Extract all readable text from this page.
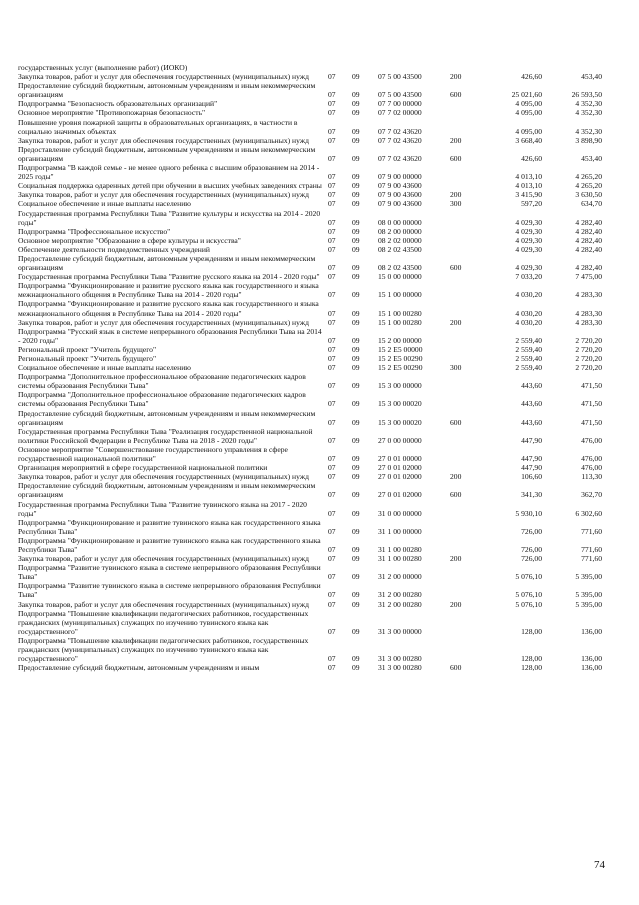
государственных услуг (выполнение работ) (ИОКО)
Закупка товаров, работ и услуг для обеспечения государственных (муниципальных) нужд	07	09	07 5 00 43500	200	426,60	453,40
Предоставление субсидий бюджетным, автономным учреждениям и иным некоммерческим организациям	07	09	07 5 00 43500	600	25 021,60	26 593,50
Подпрограмма "Безопасность образовательных организаций"	07	09	07 7 00 00000	4 095,00	4 352,30
Основное мероприятие "Противопожарная безопасность"	07	09	07 7 02 00000	4 095,00	4 352,30
Повышение уровня пожарной защиты в образовательных организациях, в частности в социально значимых объектах	07	09	07 7 02 43620	4 095,00	4 352,30
Закупка товаров, работ и услуг для обеспечения государственных (муниципальных) нужд	07	09	07 7 02 43620	200	3 668,40	3 898,90
Предоставление субсидий бюджетным, автономным учреждениям и иным некоммерческим организациям	07	09	07 7 02 43620	600	426,60	453,40
Подпрограмма "В каждой семье - не менее одного ребенка с высшим образованием на 2014 - 2025 годы"	07	09	07 9 00 00000	4 013,10	4 265,20
Социальная поддержка одаренных детей при обучении в высших учебных заведениях страны 07	09	07 9 00 43600	4 013,10	4 265,20
Закупка товаров, работ и услуг для обеспечения государственных (муниципальных) нужд	07	09	07 9 00 43600	200	3 415,90	3 630,50
Социальное обеспечение и иные выплаты населению	07	09	07 9 00 43600	300	597,20	634,70
Государственная программа Республики Тыва "Развитие культуры и искусства на 2014 - 2020 годы"	07	09	08 0 00 00000	4 029,30	4 282,40
Подпрограмма "Профессиональное искусство"	07	09	08 2 00 00000	4 029,30	4 282,40
Основное мероприятие "Образование в сфере культуры и искусства"	07	09	08 2 02 00000	4 029,30	4 282,40
Обеспечение деятельности подведомственных учреждений	07	09	08 2 02 43500	4 029,30	4 282,40
Предоставление субсидий бюджетным, автономным учреждениям и иным некоммерческим организациям	07	09	08 2 02 43500	600	4 029,30	4 282,40
Государственная программа Республики Тыва "Развитие русского языка на 2014 - 2020 годы"	07	09	15 0 00 00000	7 033,20	7 475,00
Подпрограмма "Функционирование и развитие русского языка как государственного и языка межнационального общения в Республике Тыва на 2014 - 2020 годы"	07	09	15 1 00 00000	4 030,20	4 283,30
Подпрограмма "Функционирование и развитие русского языка как государственного и языка межнационального общения в Республике Тыва на 2014 - 2020 годы"	07	09	15 1 00 00280	4 030,20	4 283,30
Закупка товаров, работ и услуг для обеспечения государственных (муниципальных) нужд	07	09	15 1 00 00280	200	4 030,20	4 283,30
Подпрограмма "Русский язык в системе непрерывного образования Республики Тыва на 2014 - 2020 годы"	07	09	15 2 00 00000	2 559,40	2 720,20
Региональный проект "Учитель будущего"	07	09	15 2 E5 00000	2 559,40	2 720,20
Региональный проект "Учитель будущего"	07	09	15 2 E5 00290	2 559,40	2 720,20
Социальное обеспечение и иные выплаты населению	07	09	15 2 E5 00290	300	2 559,40	2 720,20
Подпрограмма "Дополнительное профессиональное образование педагогических кадров системы образования Республики Тыва"	07	09	15 3 00 00000	443,60	471,50
Подпрограмма "Дополнительное профессиональное образование педагогических кадров системы образования Республики Тыва"	07	09	15 3 00 00020	443,60	471,50
Предоставление субсидий бюджетным, автономным учреждениям и иным некоммерческим организациям	07	09	15 3 00 00020	600	443,60	471,50
Государственная программа Республики Тыва "Реализация государственной национальной политики Российской Федерации в Республике Тыва на 2018 - 2020 годы"	07	09	27 0 00 00000	447,90	476,00
Основное мероприятие "Совершенствование государственного управления в сфере государственной национальной политики"	07	09	27 0 01 00000	447,90	476,00
Организация мероприятий в сфере государственной национальной политики	07	09	27 0 01 02000	447,90	476,00
Закупка товаров, работ и услуг для обеспечения государственных (муниципальных) нужд	07	09	27 0 01 02000	200	106,60	113,30
Предоставление субсидий бюджетным, автономным учреждениям и иным некоммерческим организациям	07	09	27 0 01 02000	600	341,30	362,70
Государственная программа Республики Тыва "Развитие тувинского языка на 2017 - 2020 годы"	07	09	31 0 00 00000	5 930,10	6 302,60
Подпрограмма "Функционирование и развитие тувинского языка как государственного языка Республики Тыва"	07	09	31 1 00 00000	726,00	771,60
Подпрограмма "Функционирование и развитие тувинского языка как государственного языка Республики Тыва"	07	09	31 1 00 00280	726,00	771,60
Закупка товаров, работ и услуг для обеспечения государственных (муниципальных) нужд	07	09	31 1 00 00280	200	726,00	771,60
Подпрограмма "Развитие тувинского языка в системе непрерывного образования Республики Тыва"	07	09	31 2 00 00000	5 076,10	5 395,00
Подпрограмма "Развитие тувинского языка в системе непрерывного образования Республики Тыва"	07	09	31 2 00 00280	5 076,10	5 395,00
Закупка товаров, работ и услуг для обеспечения государственных (муниципальных) нужд	07	09	31 2 00 00280	200	5 076,10	5 395,00
Подпрограмма "Повышение квалификации педагогических работников, государственных гражданских (муниципальных) служащих по изучению тувинского языка как государственного"	07	09	31 3 00 00000	128,00	136,00
Подпрограмма "Повышение квалификации педагогических работников, государственных гражданских (муниципальных) служащих по изучению тувинского языка как государственного"	07	09	31 3 00 00280	128,00	136,00
Предоставление субсидий бюджетным, автономным учреждениям и иным	07	09	31 3 00 00280	600	128,00	136,00
74
